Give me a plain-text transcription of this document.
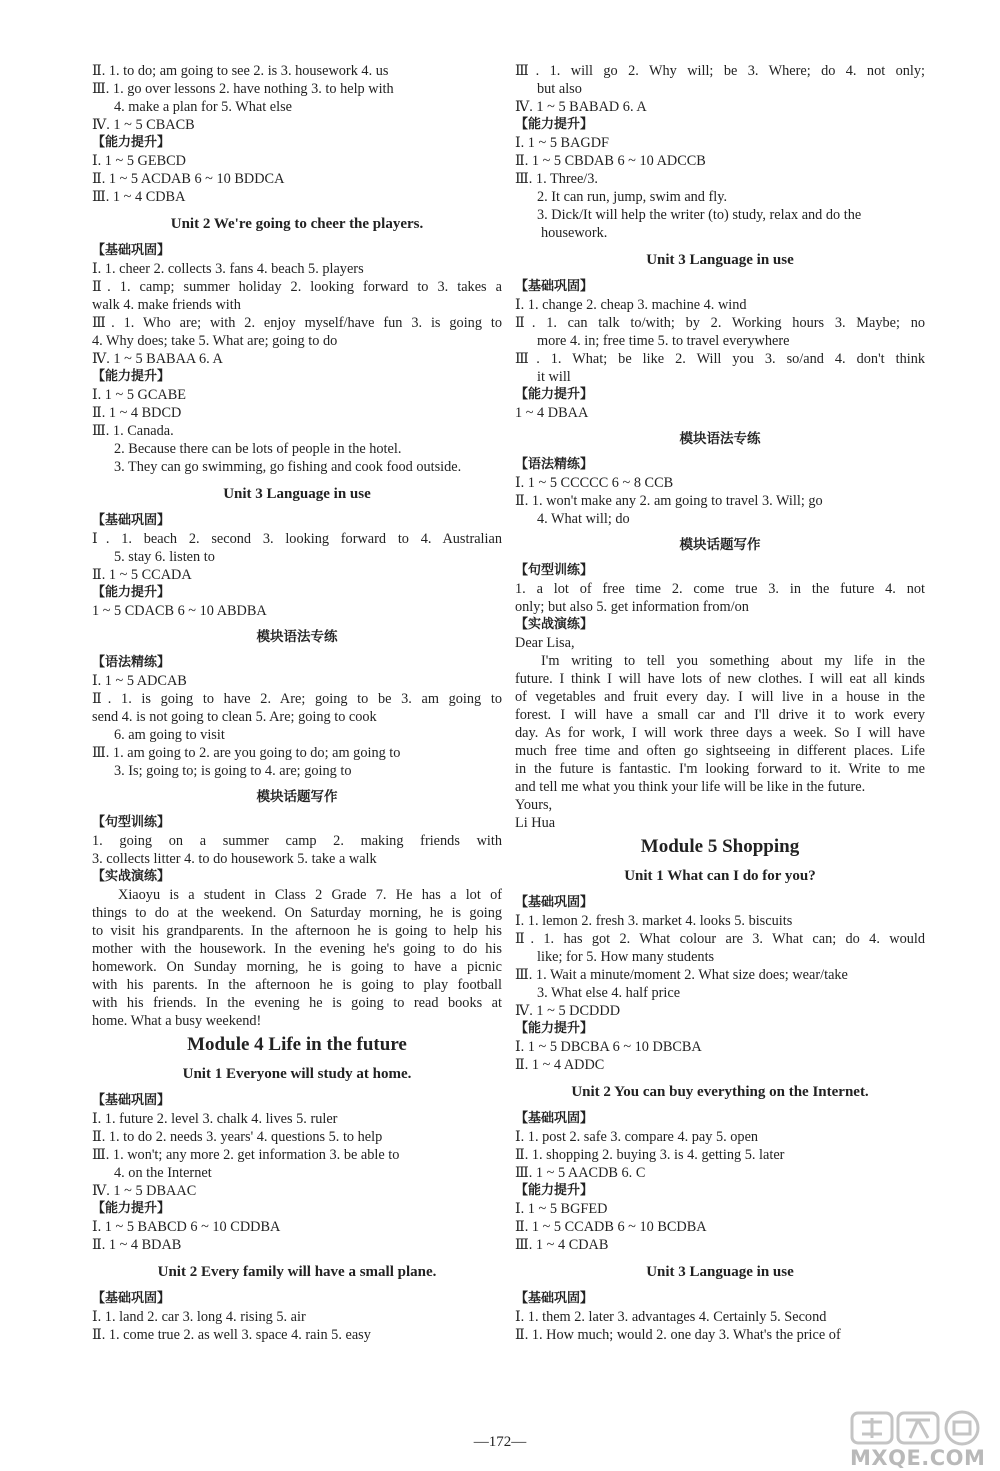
Ⅱ. 1. to do; am going to see 2. is 3. housework 4. us
Ⅲ. 1. go over lessons 2. have nothing 3. to help with
4. make a plan for 5. What else
Ⅳ. 1 ~ 5 CBACB
【能力提升】
Ⅰ. 1 ~ 5 GEBCD
Ⅱ. 1 ~ 5 ACDAB 6 ~ 10 BDDCA
Ⅲ. 1 ~ 4 CDBA
Unit 2 We're going to cheer the players.
【基础巩固】
Ⅰ. 1. cheer 2. collects 3. fans 4. beach 5. players
Ⅱ. 1. camp; summer holiday 2. looking forward to 3. takes a
walk 4. make friends with
Ⅲ. 1. Who are; with 2. enjoy myself/have fun 3. is going to
4. Why does; take 5. What are; going to do
Ⅳ. 1 ~ 5 BABAA 6. A
【能力提升】
Ⅰ. 1 ~ 5 GCABE
Ⅱ. 1 ~ 4 BDCD
Ⅲ. 1. Canada.
2. Because there can be lots of people in the hotel.
3. They can go swimming, go fishing and cook food outside.
Unit 3 Language in use
【基础巩固】
Ⅰ. 1. beach 2. second 3. looking forward to 4. Australian
5. stay 6. listen to
Ⅱ. 1 ~ 5 CCADA
【能力提升】
1 ~ 5 CDACB 6 ~ 10 ABDBA
模块语法专练
【语法精练】
Ⅰ. 1 ~ 5 ADCAB
Ⅱ. 1. is going to have 2. Are; going to be 3. am going to
send 4. is not going to clean 5. Are; going to cook
6. am going to visit
Ⅲ. 1. am going to 2. are you going to do; am going to
3. Is; going to; is going to 4. are; going to
模块话题写作
【句型训练】
1. going on a summer camp 2. making friends with
3. collects litter 4. to do housework 5. take a walk
【实战演练】
Xiaoyu is a student in Class 2 Grade 7. He has a lot of
things to do at the weekend. On Saturday morning, he is going
to visit his grandparents. In the afternoon he is going to help his
mother with the housework. In the evening he's going to do his
homework. On Sunday morning, he is going to have a picnic
with his parents. In the afternoon he is going to play football
with his friends. In the evening he is going to read books at
home. What a busy weekend!
Module 4 Life in the future
Unit 1 Everyone will study at home.
【基础巩固】
Ⅰ. 1. future 2. level 3. chalk 4. lives 5. ruler
Ⅱ. 1. to do 2. needs 3. years' 4. questions 5. to help
Ⅲ. 1. won't; any more 2. get information 3. be able to
4. on the Internet
Ⅳ. 1 ~ 5 DBAAC
【能力提升】
Ⅰ. 1 ~ 5 BABCD 6 ~ 10 CDDBA
Ⅱ. 1 ~ 4 BDAB
Unit 2 Every family will have a small plane.
【基础巩固】
Ⅰ. 1. land 2. car 3. long 4. rising 5. air
Ⅱ. 1. come true 2. as well 3. space 4. rain 5. easy
Ⅲ. 1. will go 2. Why will; be 3. Where; do 4. not only;
but also
Ⅳ. 1 ~ 5 BABAD 6. A
【能力提升】
Ⅰ. 1 ~ 5 BAGDF
Ⅱ. 1 ~ 5 CBDAB 6 ~ 10 ADCCB
Ⅲ. 1. Three/3.
2. It can run, jump, swim and fly.
3. Dick/It will help the writer (to) study, relax and do the
housework.
Unit 3 Language in use
【基础巩固】
Ⅰ. 1. change 2. cheap 3. machine 4. wind
Ⅱ. 1. can talk to/with; by 2. Working hours 3. Maybe; no
more 4. in; free time 5. to travel everywhere
Ⅲ. 1. What; be like 2. Will you 3. so/and 4. don't think
it will
【能力提升】
1 ~ 4 DBAA
模块语法专练
【语法精练】
Ⅰ. 1 ~ 5 CCCCC 6 ~ 8 CCB
Ⅱ. 1. won't make any 2. am going to travel 3. Will; go
4. What will; do
模块话题写作
【句型训练】
1. a lot of free time 2. come true 3. in the future 4. not
only; but also 5. get information from/on
【实战演练】
Dear Lisa,
I'm writing to tell you something about my life in the
future. I think I will have lots of new clothes. I will eat all kinds
of vegetables and fruit every day. I will live in a house in the
forest. I will have a small car and I'll drive it to work every
day. As for work, I will work three days a week. So I will have
much free time and often go sightseeing in different places. Life
in the future is fantastic. I'm looking forward to it. Write to me
and tell me what you think your life will be like in the future.
Yours,
Li Hua
Module 5 Shopping
Unit 1 What can I do for you?
【基础巩固】
Ⅰ. 1. lemon 2. fresh 3. market 4. looks 5. biscuits
Ⅱ. 1. has got 2. What colour are 3. What can; do 4. would
like; for 5. How many students
Ⅲ. 1. Wait a minute/moment 2. What size does; wear/take
3. What else 4. half price
Ⅳ. 1 ~ 5 DCDDD
【能力提升】
Ⅰ. 1 ~ 5 DBCBA 6 ~ 10 DBCBA
Ⅱ. 1 ~ 4 ADDC
Unit 2 You can buy everything on the Internet.
【基础巩固】
Ⅰ. 1. post 2. safe 3. compare 4. pay 5. open
Ⅱ. 1. shopping 2. buying 3. is 4. getting 5. later
Ⅲ. 1 ~ 5 AACDB 6. C
【能力提升】
Ⅰ. 1 ~ 5 BGFED
Ⅱ. 1 ~ 5 CCADB 6 ~ 10 BCDBA
Ⅲ. 1 ~ 4 CDAB
Unit 3 Language in use
【基础巩固】
Ⅰ. 1. them 2. later 3. advantages 4. Certainly 5. Second
Ⅱ. 1. How much; would 2. one day 3. What's the price of
—172—
MXQE.COM
